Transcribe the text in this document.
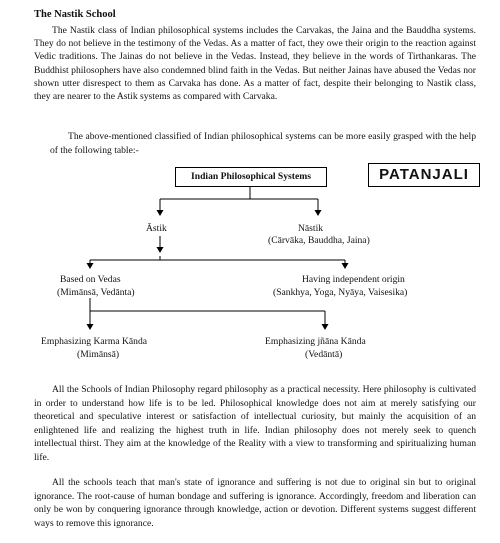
The Nastik School

The Nastik class of Indian philosophical systems includes the Carvakas, the Jaina and the Bauddha systems. They do not believe in the testimony of the Vedas. As a matter of fact, they owe their origin to the reaction against Vedic traditions. The Jainas do not believe in the Vedas. Instead, they believe in the words of Tirthankaras. The Buddhist philosophers have also condemned blind faith in the Vedas. But neither Jainas have abused the Vedas nor shown utter disrespect to them as Carvaka has done. As a matter of fact, despite their belonging to Nastik class, they are nearer to the Astik systems as compared with Carvaka.

The above-mentioned classified of Indian philosophical systems can be more easily grasped with the help of the following table:-

Indian Philosophical Systems	PATANJALI
Āstik	Nāstik
(Cārvāka, Bauddha, Jaina)
Based on Vedas
(Mimānsā, Vedānta)
Having independent origin
(Sankhya, Yoga, Nyāya, Vaisesika)
Emphasizing Karma Kānda
(Mimānsā)
Emphasizing jñāna Kānda
(Vedāntā)

All the Schools of Indian Philosophy regard philosophy as a practical necessity. Here philosophy is cultivated in order to understand how life is to be led. Philosophical knowledge does not aim at merely satisfying our theoretical and speculative interest or satisfaction of intellectual curiosity, but mainly the acquisition of an enlightened life and realizing the highest truth in life. Indian philosophy does not merely seek to quench intellectual thirst. They aim at the knowledge of the Reality with a view to transforming and spiritualizing human life.

All the schools teach that man's state of ignorance and suffering is not due to original sin but to original ignorance. The root-cause of human bondage and suffering is ignorance. Accordingly, freedom and liberation can only be won by conquering ignorance through knowledge, action or devotion. Different systems suggest different ways to remove this ignorance.
